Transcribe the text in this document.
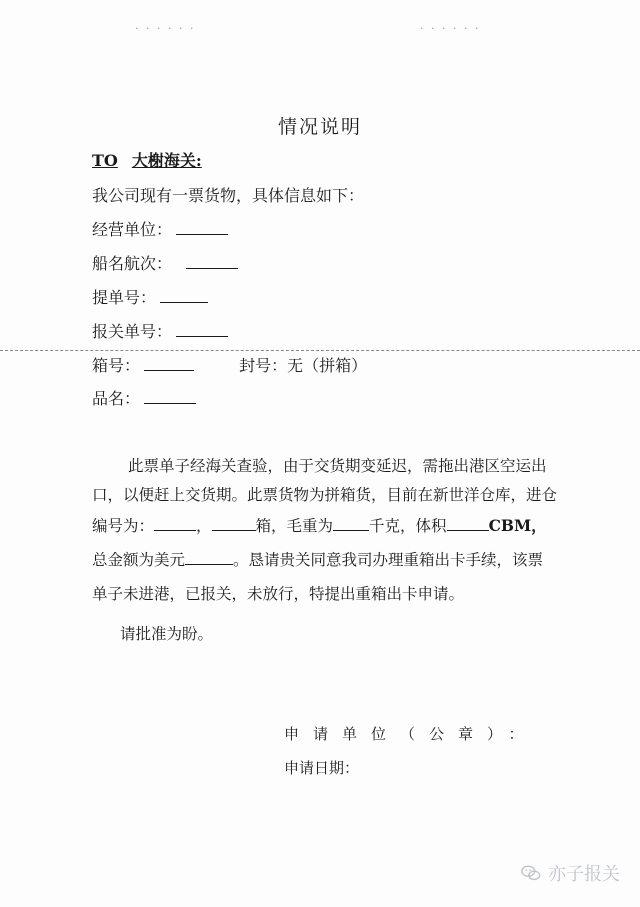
· · · · · ·	· · · · · ·
情况说明
TO 大榭海关:
我公司现有一票货物，具体信息如下：
经营单位：
船名航次：
提单号：
报关单号：
箱号：	封号：无（拼箱）
品名：
此票单子经海关查验，由于交货期变延迟，需拖出港区空运出
口，以便赶上交货期。此票货物为拼箱货，目前在新世洋仓库，进仓
编号为：	，	箱，毛重为 千克，体积	CBM，
总金额为美元	。恳请贵关同意我司办理重箱出卡手续，该票
单子未进港，已报关，未放行，特提出重箱出卡申请。
请批准为盼。
申请单位（公章）：
申请日期：
亦子报关
